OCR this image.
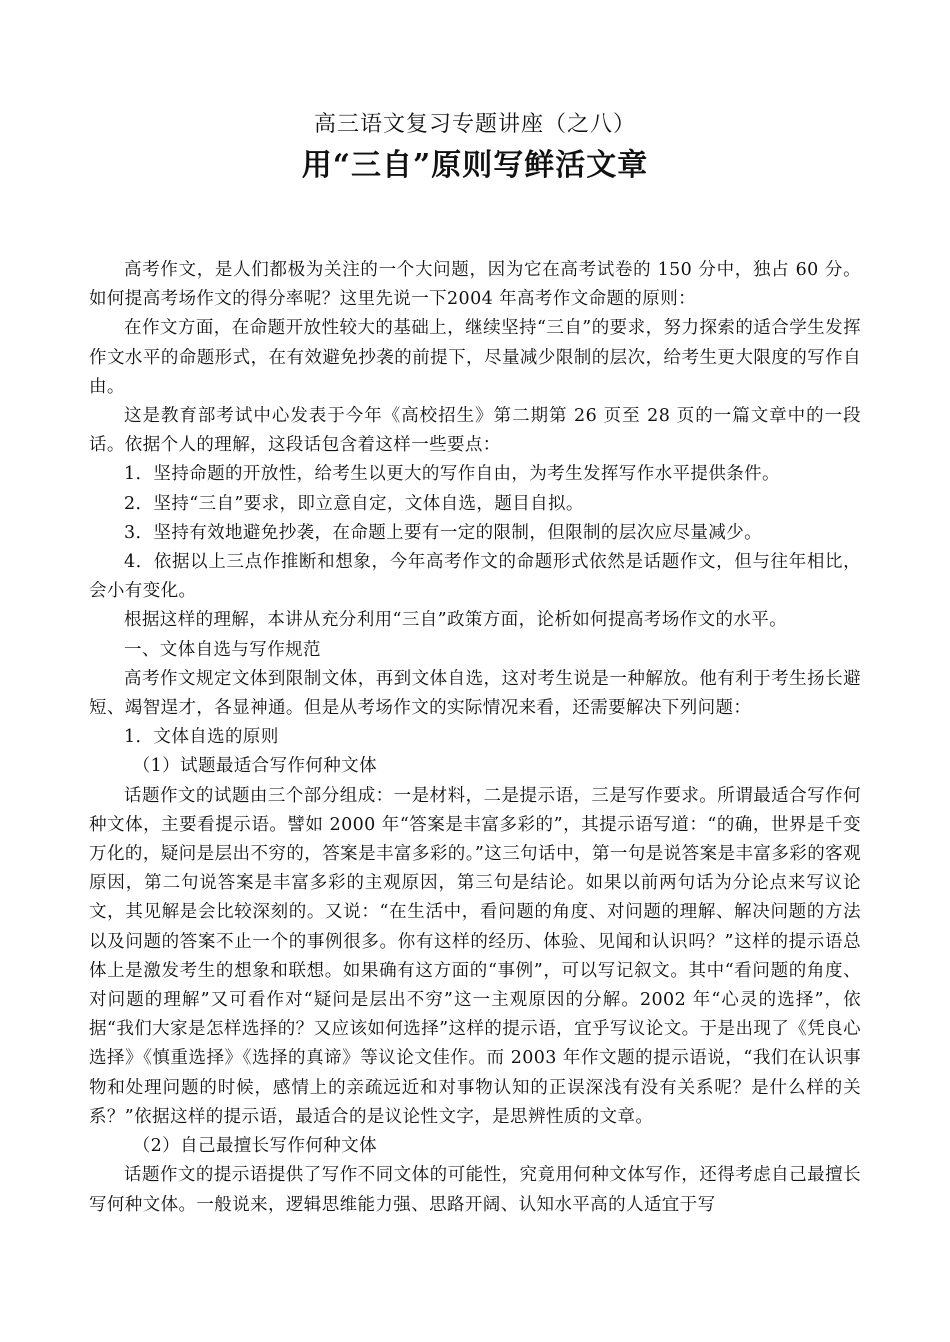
高三语文复习专题讲座（之八）
用“三自”原则写鲜活文章

高考作文，是人们都极为关注的一个大问题，因为它在高考试卷的 150 分中，独占 60 分。如何提高考场作文的得分率呢？这里先说一下2004 年高考作文命题的原则：

在作文方面，在命题开放性较大的基础上，继续坚持“三自”的要求，努力探索的适合学生发挥作文水平的命题形式，在有效避免抄袭的前提下，尽量减少限制的层次，给考生更大限度的写作自由。

这是教育部考试中心发表于今年《高校招生》第二期第 26 页至 28 页的一篇文章中的一段话。依据个人的理解，这段话包含着这样一些要点：

1．坚持命题的开放性，给考生以更大的写作自由，为考生发挥写作水平提供条件。

2．坚持“三自”要求，即立意自定，文体自选，题目自拟。

3．坚持有效地避免抄袭，在命题上要有一定的限制，但限制的层次应尽量减少。

4．依据以上三点作推断和想象，今年高考作文的命题形式依然是话题作文，但与往年相比，会小有变化。

根据这样的理解，本讲从充分利用“三自”政策方面，论析如何提高考场作文的水平。

一、文体自选与写作规范

高考作文规定文体到限制文体，再到文体自选，这对考生说是一种解放。他有利于考生扬长避短、竭智逞才，各显神通。但是从考场作文的实际情况来看，还需要解决下列问题：

1．文体自选的原则

（1）试题最适合写作何种文体

话题作文的试题由三个部分组成：一是材料，二是提示语，三是写作要求。所谓最适合写作何种文体，主要看提示语。譬如 2000 年“答案是丰富多彩的”，其提示语写道：“的确，世界是千变万化的，疑问是层出不穷的，答案是丰富多彩的。”这三句话中，第一句是说答案是丰富多彩的客观原因，第二句说答案是丰富多彩的主观原因，第三句是结论。如果以前两句话为分论点来写议论文，其见解是会比较深刻的。又说：“在生活中，看问题的角度、对问题的理解、解决问题的方法以及问题的答案不止一个的事例很多。你有这样的经历、体验、见闻和认识吗？”这样的提示语总体上是激发考生的想象和联想。如果确有这方面的“事例”，可以写记叙文。其中“看问题的角度、对问题的理解”又可看作对“疑问是层出不穷”这一主观原因的分解。2002 年“心灵的选择”，依据“我们大家是怎样选择的？又应该如何选择”这样的提示语，宜乎写议论文。于是出现了《凭良心选择》《慎重选择》《选择的真谛》等议论文佳作。而 2003 年作文题的提示语说，“我们在认识事物和处理问题的时候，感情上的亲疏远近和对事物认知的正误深浅有没有关系呢？是什么样的关系？”依据这样的提示语，最适合的是议论性文字，是思辨性质的文章。

（2）自己最擅长写作何种文体

话题作文的提示语提供了写作不同文体的可能性，究竟用何种文体写作，还得考虑自己最擅长写何种文体。一般说来，逻辑思维能力强、思路开阔、认知水平高的人适宜于写
